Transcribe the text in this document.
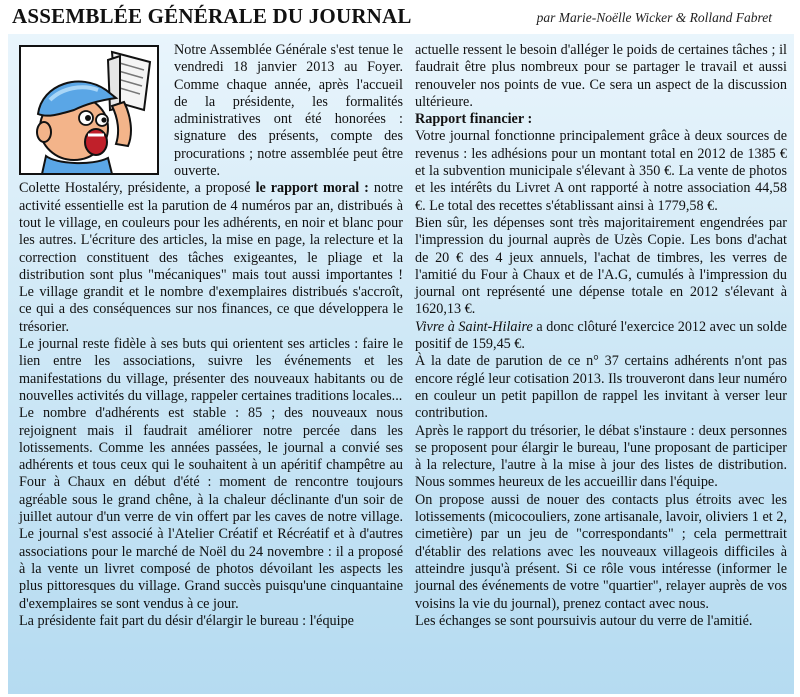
ASSEMBLÉE GÉNÉRALE DU JOURNAL	par Marie-Noëlle Wicker & Rolland Fabret

Notre Assemblée Générale s'est tenue le vendredi 18 janvier 2013 au Foyer. Comme chaque année, après l'accueil de la présidente, les formalités administratives ont été honorées : signature des présents, compte des procurations ; notre assemblée peut être ouverte.

Colette Hostaléry, présidente, a proposé le rapport moral : notre activité essentielle est la parution de 4 numéros par an, distribués à tout le village, en couleurs pour les adhérents, en noir et blanc pour les autres. L'écriture des articles, la mise en page, la relecture et la correction constituent des tâches exigeantes, le pliage et la distribution sont plus "mécaniques" mais tout aussi importantes ! Le village grandit et le nombre d'exemplaires distribués s'accroît, ce qui a des conséquences sur nos finances, ce que développera le trésorier.

Le journal reste fidèle à ses buts qui orientent ses articles : faire le lien entre les associations, suivre les événements et les manifestations du village, présenter des nouveaux habitants ou de nouvelles activités du village, rappeler certaines traditions locales...

Le nombre d'adhérents est stable : 85 ; des nouveaux nous rejoignent mais il faudrait améliorer notre percée dans les lotissements. Comme les années passées, le journal a convié ses adhérents et tous ceux qui le souhaitent à un apéritif champêtre au Four à Chaux en début d'été : moment de rencontre toujours agréable sous le grand chêne, à la chaleur déclinante d'un soir de juillet autour d'un verre de vin offert par les caves de notre village. Le journal s'est associé à l'Atelier Créatif et Récréatif et à d'autres associations pour le marché de Noël du 24 novembre : il a proposé à la vente un livret composé de photos dévoilant les aspects les plus pittoresques du village. Grand succès puisqu'une cinquantaine d'exemplaires se sont vendus à ce jour.

La présidente fait part du désir d'élargir le bureau : l'équipe

actuelle ressent le besoin d'alléger le poids de certaines tâches ; il faudrait être plus nombreux pour se partager le travail et aussi renouveler nos points de vue. Ce sera un aspect de la discussion ultérieure.

Rapport financier :

Votre journal fonctionne principalement grâce à deux sources de revenus : les adhésions pour un montant total en 2012 de 1385 € et la subvention municipale s'élevant à 350 €. La vente de photos et les intérêts du Livret A ont rapporté à notre association 44,58 €. Le total des recettes s'établissant ainsi à 1779,58 €.

Bien sûr, les dépenses sont très majoritairement engendrées par l'impression du journal auprès de Uzès Copie. Les bons d'achat de 20 € des 4 jeux annuels, l'achat de timbres, les verres de l'amitié du Four à Chaux et de l'A.G, cumulés à l'impression du journal ont représenté une dépense totale en 2012 s'élevant à 1620,13 €.

Vivre à Saint-Hilaire a donc clôturé l'exercice 2012 avec un solde positif de 159,45 €.

À la date de parution de ce n° 37 certains adhérents n'ont pas encore réglé leur cotisation 2013. Ils trouveront dans leur numéro en couleur un petit papillon de rappel les invitant à verser leur contribution.

Après le rapport du trésorier, le débat s'instaure : deux personnes se proposent pour élargir le bureau, l'une proposant de participer à la relecture, l'autre à la mise à jour des listes de distribution. Nous sommes heureux de les accueillir dans l'équipe.

On propose aussi de nouer des contacts plus étroits avec les lotissements (micocouliers, zone artisanale, lavoir, oliviers 1 et 2, cimetière) par un jeu de "correspondants" ; cela permettrait d'établir des relations avec les nouveaux villageois difficiles à atteindre jusqu'à présent. Si ce rôle vous intéresse (informer le journal des événements de votre "quartier", relayer auprès de vos voisins la vie du journal), prenez contact avec nous.

Les échanges se sont poursuivis autour du verre de l'amitié.
